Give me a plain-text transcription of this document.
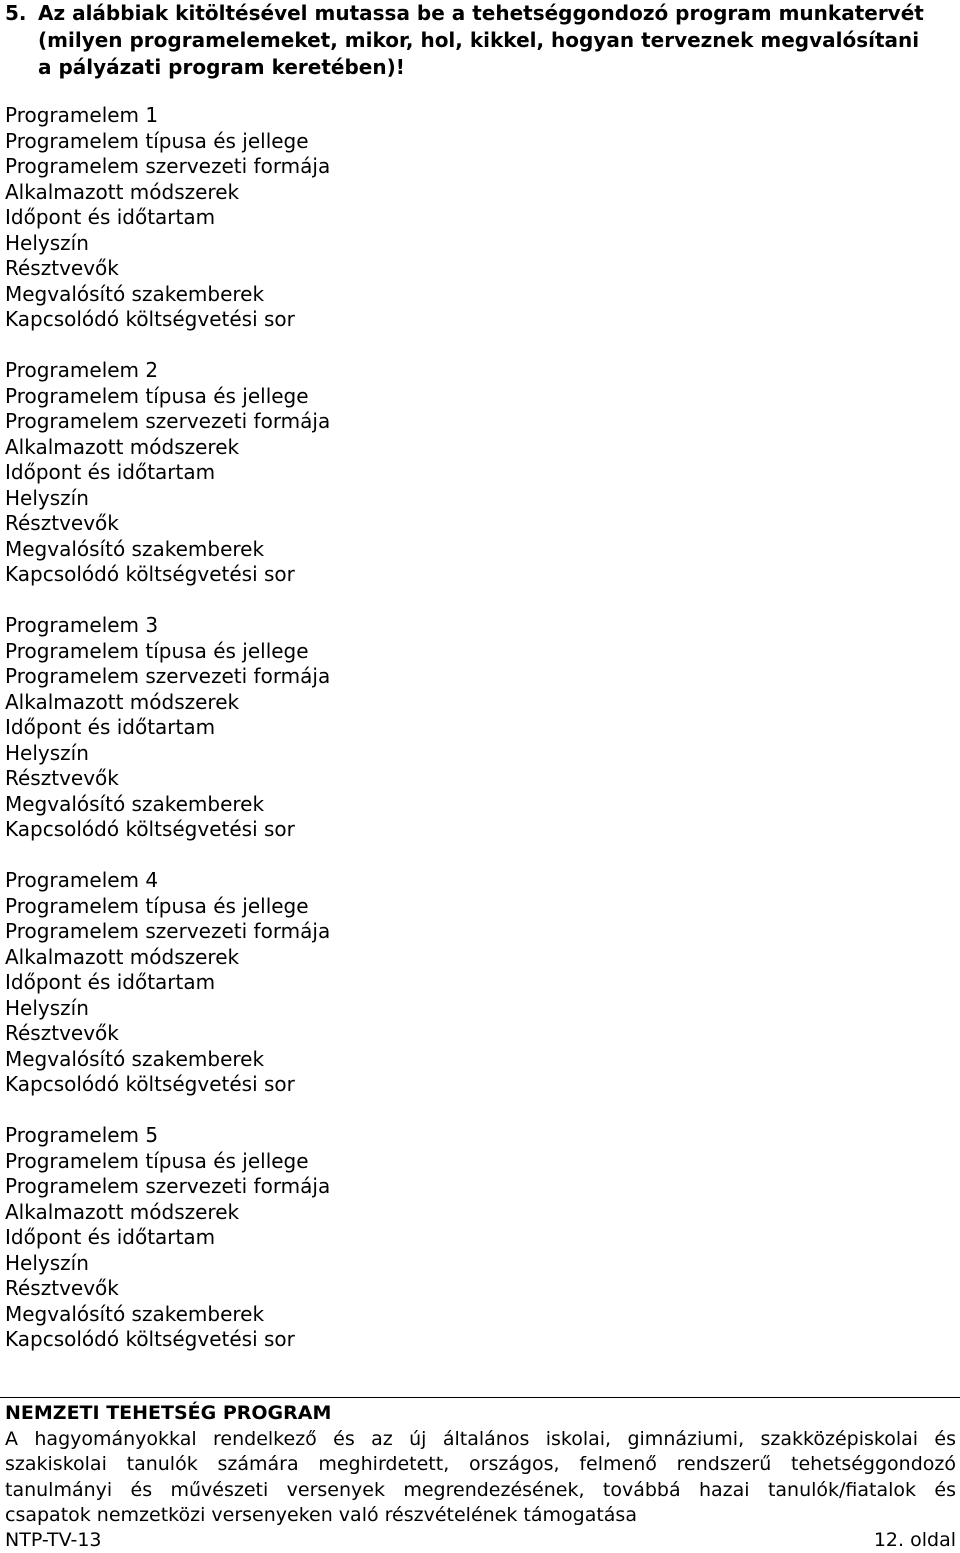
5. Az alábbiak kitöltésével mutassa be a tehetséggondozó program munkatervét
(milyen programelemeket, mikor, hol, kikkel, hogyan terveznek megvalósítani
a pályázati program keretében)!
Programelem 1
Programelem típusa és jellege
Programelem szervezeti formája
Alkalmazott módszerek
Időpont és időtartam
Helyszín
Résztvevők
Megvalósító szakemberek
Kapcsolódó költségvetési sor
Programelem 2
Programelem típusa és jellege
Programelem szervezeti formája
Alkalmazott módszerek
Időpont és időtartam
Helyszín
Résztvevők
Megvalósító szakemberek
Kapcsolódó költségvetési sor
Programelem 3
Programelem típusa és jellege
Programelem szervezeti formája
Alkalmazott módszerek
Időpont és időtartam
Helyszín
Résztvevők
Megvalósító szakemberek
Kapcsolódó költségvetési sor
Programelem 4
Programelem típusa és jellege
Programelem szervezeti formája
Alkalmazott módszerek
Időpont és időtartam
Helyszín
Résztvevők
Megvalósító szakemberek
Kapcsolódó költségvetési sor
Programelem 5
Programelem típusa és jellege
Programelem szervezeti formája
Alkalmazott módszerek
Időpont és időtartam
Helyszín
Résztvevők
Megvalósító szakemberek
Kapcsolódó költségvetési sor
NEMZETI TEHETSÉG PROGRAM
A hagyományokkal rendelkező és az új általános iskolai, gimnáziumi, szakközépiskolai és
szakiskolai tanulók számára meghirdetett, országos, felmenő rendszerű tehetséggondozó
tanulmányi és művészeti versenyek megrendezésének, továbbá hazai tanulók/fiatalok és
csapatok nemzetközi versenyeken való részvételének támogatása
NTP-TV-13	12. oldal
